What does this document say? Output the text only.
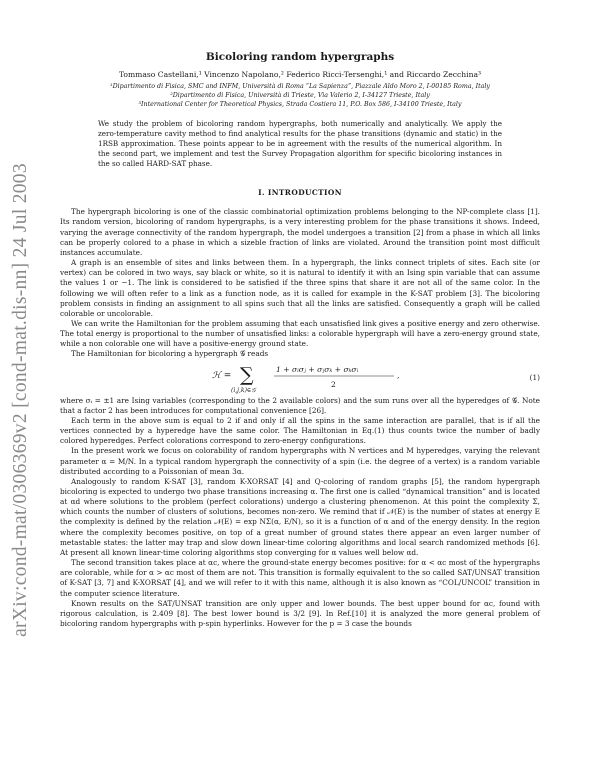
arXiv:cond-mat/0306369v2 [cond-mat.dis-nn] 24 Jul 2003
Bicoloring random hypergraphs
Tommaso Castellani,¹ Vincenzo Napolano,² Federico Ricci-Tersenghi,¹ and Riccardo Zecchina³
¹Dipartimento di Fisica, SMC and INFM, Università di Roma “La Sapienza”, Piazzale Aldo Moro 2, I-00185 Roma, Italy
²Dipartimento di Fisica, Università di Trieste, Via Valerio 2, I-34127 Trieste, Italy
³International Center for Theoretical Physics, Strada Costiera 11, P.O. Box 586, I-34100 Trieste, Italy

We study the problem of bicoloring random hypergraphs, both numerically and analytically. We apply the zero-temperature cavity method to find analytical results for the phase transitions (dynamic and static) in the 1RSB approximation. These points appear to be in agreement with the results of the numerical algorithm. In the second part, we implement and test the Survey Propagation algorithm for specific bicoloring instances in the so called HARD-SAT phase.

I. INTRODUCTION

The hypergraph bicoloring is one of the classic combinatorial optimization problems belonging to the NP-complete class [1]. Its random version, bicoloring of random hypergraphs, is a very interesting problem for the phase transitions it shows. Indeed, varying the average connectivity of the random hypergraph, the model undergoes a transition [2] from a phase in which all links can be properly colored to a phase in which a sizeble fraction of links are violated. Around the transition point most difficult instances accumulate.

A graph is an ensemble of sites and links between them. In a hypergraph, the links connect triplets of sites. Each site (or vertex) can be colored in two ways, say black or white, so it is natural to identify it with an Ising spin variable that can assume the values 1 or −1. The link is considered to be satisfied if the three spins that share it are not all of the same color. In the following we will often refer to a link as a function node, as it is called for example in the K-SAT problem [3]. The bicoloring problem consists in finding an assignment to all spins such that all the links are satisfied. Consequently a graph will be called colorable or uncolorable.

We can write the Hamiltonian for the problem assuming that each unsatisfied link gives a positive energy and zero otherwise. The total energy is proportional to the number of unsatisfied links: a colorable hypergraph will have a zero-energy ground state, while a non colorable one will have a positive-energy ground state.

The Hamiltonian for bicoloring a hypergraph 𝒢 reads

ℋ = ∑
(i,j,k)∈𝒢
1 + σᵢσⱼ + σⱼσₖ + σₖσᵢ
2
,	(1)

where σᵢ = ±1 are Ising variables (corresponding to the 2 available colors) and the sum runs over all the hyperedges of 𝒢. Note that a factor 2 has been introduces for computational convenience [26].

Each term in the above sum is equal to 2 if and only if all the spins in the same interaction are parallel, that is if all the vertices connected by a hyperedge have the same color. The Hamiltonian in Eq.(1) thus counts twice the number of badly colored hyperedges. Perfect colorations correspond to zero-energy configurations.

In the present work we focus on colorability of random hypergraphs with N vertices and M hyperedges, varying the relevant parameter α = M/N. In a typical random hypergraph the connectivity of a spin (i.e. the degree of a vertex) is a random variable distributed according to a Poissonian of mean 3α.

Analogously to random K-SAT [3], random K-XORSAT [4] and Q-coloring of random graphs [5], the random hypergraph bicoloring is expected to undergo two phase transitions increasing α. The first one is called “dynamical transition” and is located at αd where solutions to the problem (perfect colorations) undergo a clustering phenomenon. At this point the complexity Σ, which counts the number of clusters of solutions, becomes non-zero. We remind that if 𝒩(E) is the number of states at energy E the complexity is defined by the relation 𝒩(E) = exp NΣ(α, E/N), so it is a function of α and of the energy density. In the region where the complexity becomes positive, on top of a great number of ground states there appear an even larger number of metastable states: the latter may trap and slow down linear-time coloring algorithms and local search randomized methods [6]. At present all known linear-time coloring algorithms stop converging for α values well below αd.

The second transition takes place at αc, where the ground-state energy becomes positive: for α < αc most of the hypergraphs are colorable, while for α > αc most of them are not. This transition is formally equivalent to the so called SAT/UNSAT transition of K-SAT [3, 7] and K-XORSAT [4], and we will refer to it with this name, although it is also known as “COL/UNCOL” transition in the computer science literature.

Known results on the SAT/UNSAT transition are only upper and lower bounds. The best upper bound for αc, found with rigorous calculation, is 2.409 [8]. The best lower bound is 3/2 [9]. In Ref.[10] it is analyzed the more general problem of bicoloring random hypergraphs with p-spin hyperlinks. However for the p = 3 case the bounds
